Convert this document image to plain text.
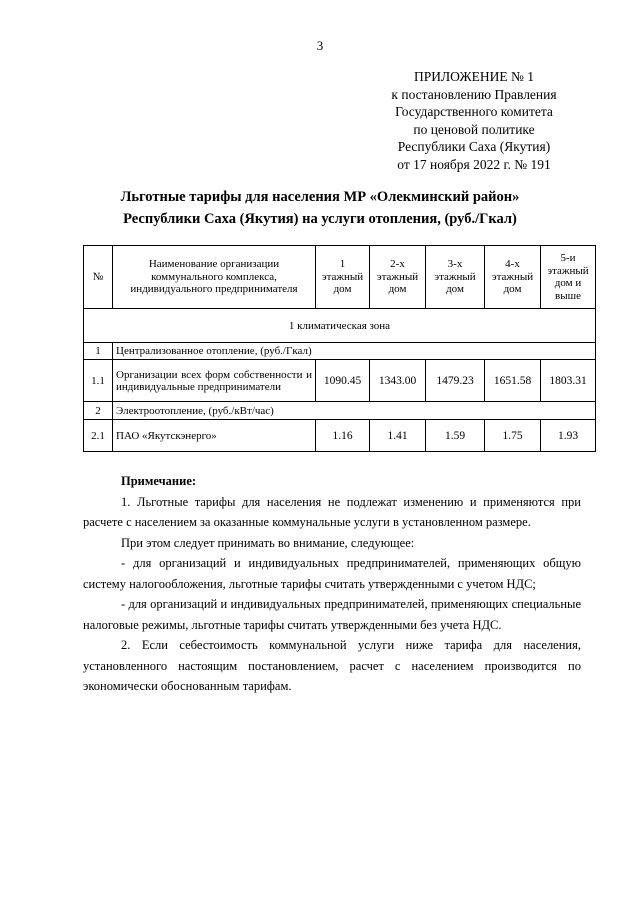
3
ПРИЛОЖЕНИЕ № 1
к постановлению Правления
Государственного комитета
по ценовой политике
Республики Саха (Якутия)
от 17 ноября 2022 г. № 191
Льготные тарифы для населения МР «Олекминский район»
Республики Саха (Якутия) на услуги отопления, (руб./Гкал)
№	Наименование организации коммунального комплекса, индивидуального предпринимателя	1 этажный дом	2-х этажный дом	3-х этажный дом	4-х этажный дом	5-и этажный дом и выше
1 климатическая зона						
1	Централизованное отопление, (руб./Гкал)					
1.1	Организации всех форм собственности и индивидуальные предприниматели	1090.45	1343.00	1479.23	1651.58	1803.31
2	Электроотопление, (руб./кВт/час)					
2.1	ПАО «Якутскэнерго»	1.16	1.41	1.59	1.75	1.93

Примечание:

1. Льготные тарифы для населения не подлежат изменению и применяются при расчете с населением за оказанные коммунальные услуги в установленном размере.

При этом следует принимать во внимание, следующее:

- для организаций и индивидуальных предпринимателей, применяющих общую систему налогообложения, льготные тарифы считать утвержденными с учетом НДС;

- для организаций и индивидуальных предпринимателей, применяющих специальные налоговые режимы, льготные тарифы считать утвержденными без учета НДС.

2. Если себестоимость коммунальной услуги ниже тарифа для населения, установленного настоящим постановлением, расчет с населением производится по экономически обоснованным тарифам.
